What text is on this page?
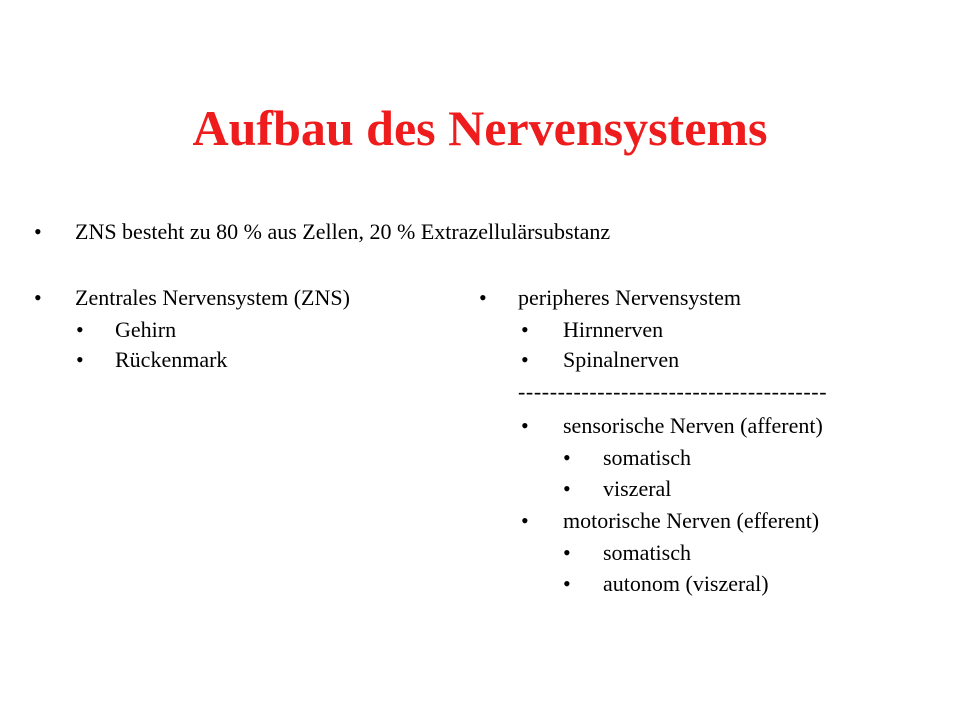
Aufbau des Nervensystems
• ZNS besteht zu 80 % aus Zellen, 20 % Extrazellulärsubstanz
• Zentrales Nervensystem (ZNS)
• Gehirn
• Rückenmark
• peripheres Nervensystem
• Hirnnerven
• Spinalnerven
---------------------------------------
• sensorische Nerven (afferent)
• somatisch
• viszeral
• motorische Nerven (efferent)
• somatisch
• autonom (viszeral)
